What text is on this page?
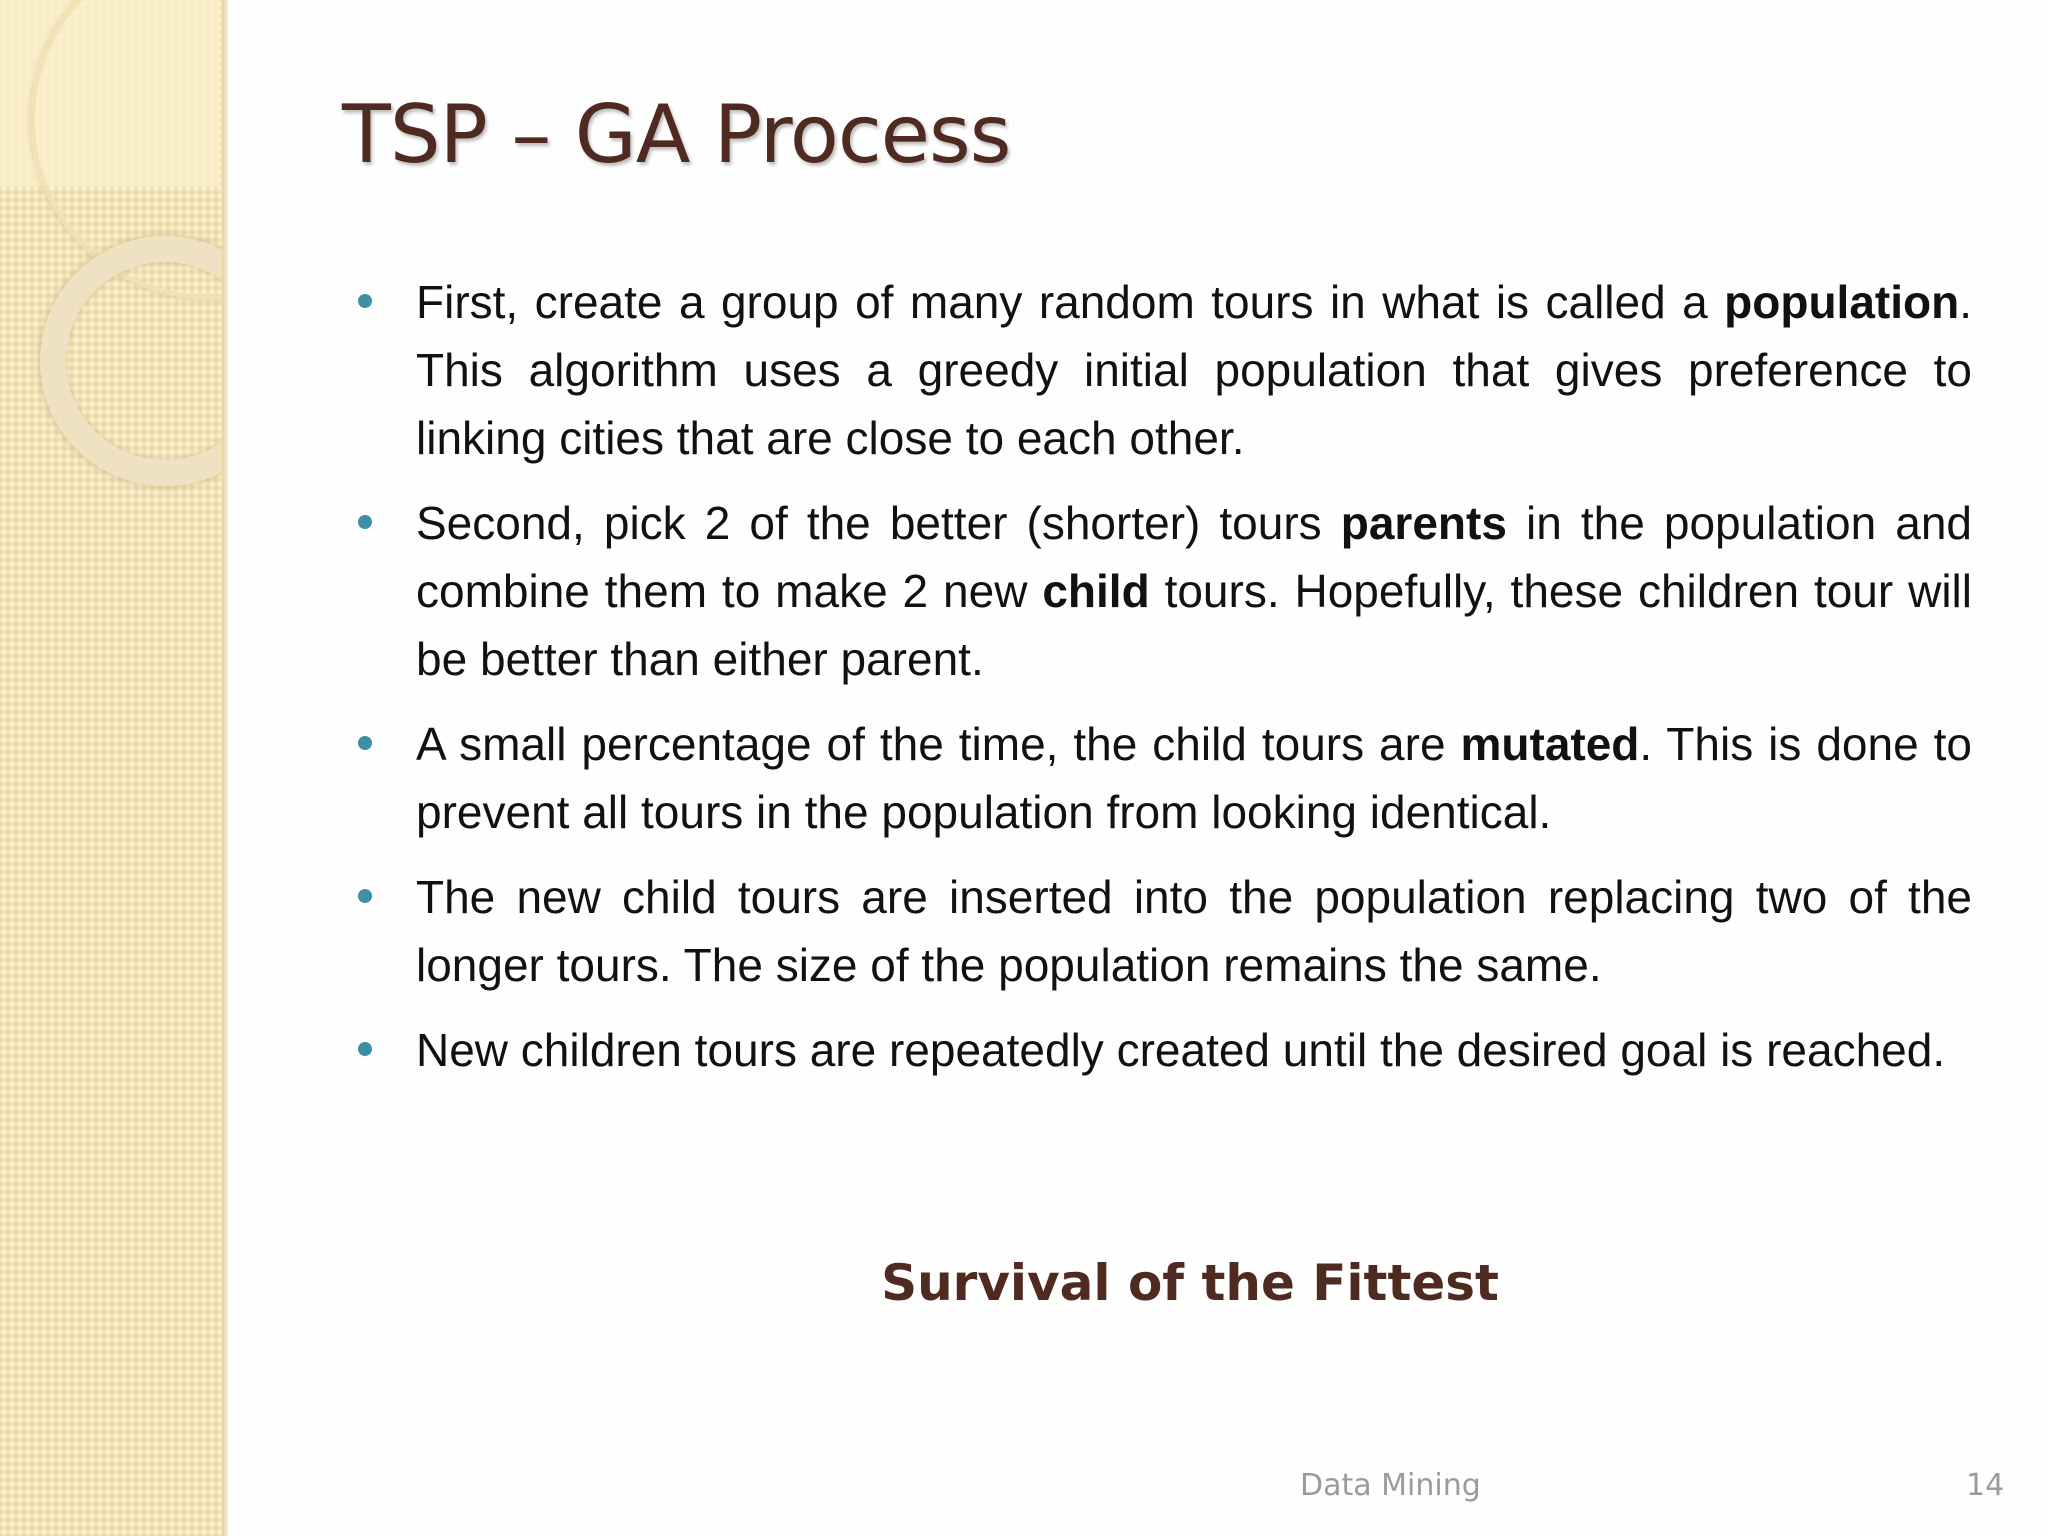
TSP – GA Process
First, create a group of many random tours in what is called a population. This algorithm uses a greedy initial population that gives preference to linking cities that are close to each other.
Second, pick 2 of the better (shorter) tours parents in the population and combine them to make 2 new child tours. Hopefully, these children tour will be better than either parent.
A small percentage of the time, the child tours are mutated. This is done to prevent all tours in the population from looking identical.
The new child tours are inserted into the population replacing two of the longer tours. The size of the population remains the same.
New children tours are repeatedly created until the desired goal is reached.
Survival of the Fittest
Data Mining	14
